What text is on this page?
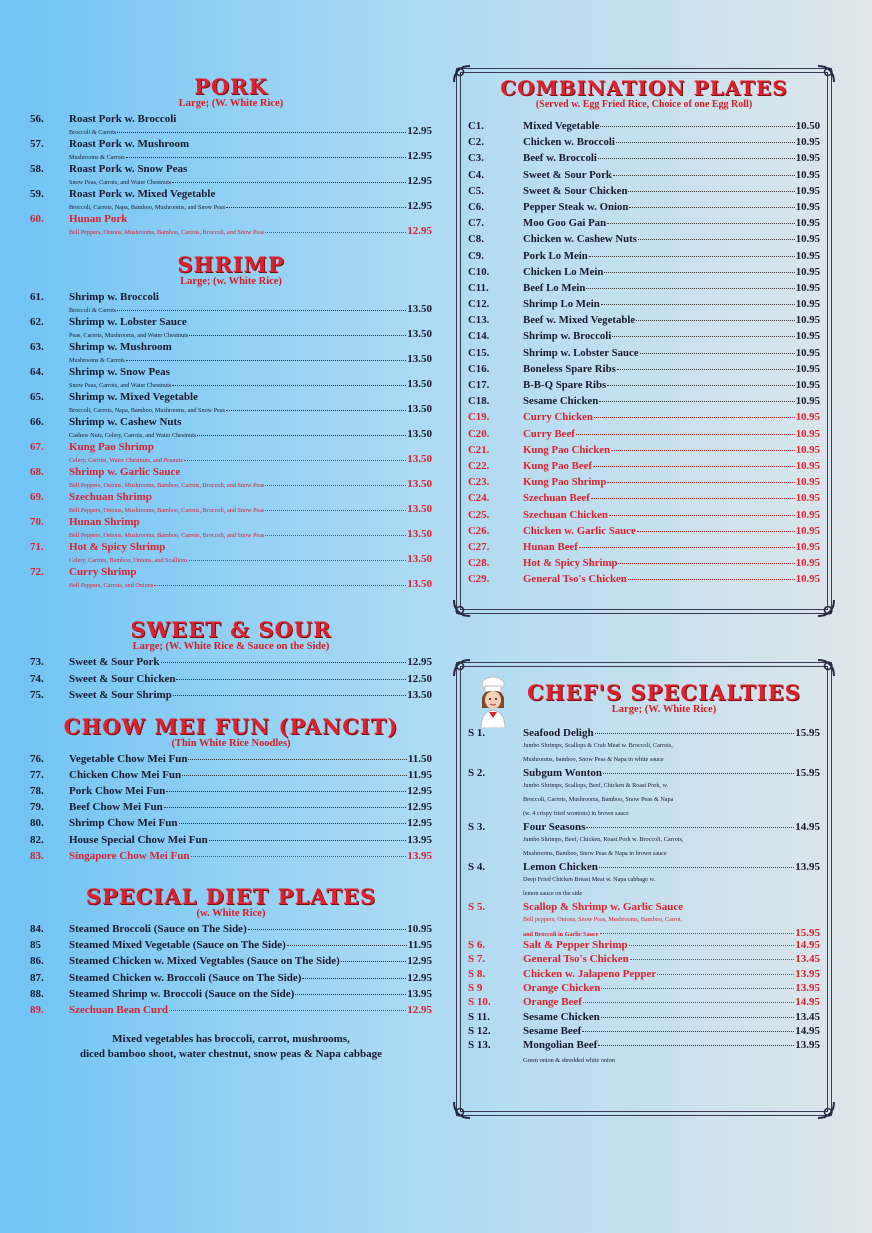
PORK
Large; (W. White Rice)
56.	Roast Pork w. Broccoli
Broccoli & Carrots	12.95
57.	Roast Pork w. Mushroom
Mushrooms & Carrots	12.95
58.	Roast Pork w. Snow Peas
Snow Peas, Carrots, and Water Chestnuts	12.95
59.	Roast Pork w. Mixed Vegetable
Broccoli, Carrots, Napa, Bamboo, Mushrooms, and Snow Peas	12.95
60.	Hunan Pork
Bell Peppers, Onions, Mushrooms, Bamboo, Carrots, Broccoli, and Snow Peas	12.95
SHRIMP
Large; (w. White Rice)
61.	Shrimp w. Broccoli
Broccoli & Carrots	13.50
62.	Shrimp w. Lobster Sauce
Peas, Carrots, Mushrooms, and Water Chestnuts	13.50
63.	Shrimp w. Mushroom
Mushrooms & Carrots	13.50
64.	Shrimp w. Snow Peas
Snow Peas, Carrots, and Water Chestnuts	13.50
65.	Shrimp w. Mixed Vegetable
Broccoli, Carrots, Napa, Bamboo, Mushrooms, and Snow Peas	13.50
66.	Shrimp w. Cashew Nuts
Cashew Nuts, Celery, Carrots, and Water Chestnuts	13.50
67.	Kung Pao Shrimp
Celery, Carrots, Water Chestnuts, and Peanuts	13.50
68.	Shrimp w. Garlic Sauce
Bell Peppers, Onions, Mushrooms, Bamboo, Carrots, Broccoli, and Snow Peas	13.50
69.	Szechuan Shrimp
Bell Peppers, Onions, Mushrooms, Bamboo, Carrots, Broccoli, and Snow Peas	13.50
70.	Hunan Shrimp
Bell Peppers, Onions, Mushrooms, Bamboo, Carrots, Broccoli, and Snow Peas	13.50
71.	Hot & Spicy Shrimp
Celery, Carrots, Bamboo, Onions, and Scallions	13.50
72.	Curry Shrimp
Bell Peppers, Carrots, and Onions	13.50
SWEET & SOUR
Large; (W. White Rice & Sauce on the Side)
73.	Sweet & Sour Pork	12.95
74.	Sweet & Sour Chicken	12.50
75.	Sweet & Sour Shrimp	13.50
CHOW MEI FUN (PANCIT)
(Thin White Rice Noodles)
76.	Vegetable Chow Mei Fun	11.50
77.	Chicken Chow Mei Fun	11.95
78.	Pork Chow Mei Fun	12.95
79.	Beef Chow Mei Fun	12.95
80.	Shrimp Chow Mei Fun	12.95
82.	House Special Chow Mei Fun	13.95
83.	Singapore Chow Mei Fun	13.95
SPECIAL DIET PLATES
(w. White Rice)
84.	Steamed Broccoli (Sauce on The Side)	10.95
85	Steamed Mixed Vegetable (Sauce on The Side)	11.95
86.	Steamed Chicken w. Mixed Vegtables (Sauce on The Side)	12.95
87.	Steamed Chicken w. Broccoli (Sauce on The Side)	12.95
88.	Steamed Shrimp w. Broccoli (Sauce on the Side)	13.95
89.	Szechuan Bean Curd	12.95
Mixed vegetables has broccoli, carrot, mushrooms,
diced bamboo shoot, water chestnut, snow peas & Napa cabbage
COMBINATION PLATES
(Served w. Egg Fried Rice, Choice of one Egg Roll)
C1.	Mixed Vegetable	10.50
C2.	Chicken w. Broccoli	10.95
C3.	Beef w. Broccoli	10.95
C4.	Sweet & Sour Pork	10.95
C5.	Sweet & Sour Chicken	10.95
C6.	Pepper Steak w. Onion	10.95
C7.	Moo Goo Gai Pan	10.95
C8.	Chicken w. Cashew Nuts	10.95
C9.	Pork Lo Mein	10.95
C10.	Chicken Lo Mein	10.95
C11.	Beef Lo Mein	10.95
C12.	Shrimp Lo Mein	10.95
C13.	Beef w. Mixed Vegetable	10.95
C14.	Shrimp w. Broccoli	10.95
C15.	Shrimp w. Lobster Sauce	10.95
C16.	Boneless Spare Ribs	10.95
C17.	B-B-Q Spare Ribs	10.95
C18.	Sesame Chicken	10.95
C19.	Curry Chicken	10.95
C20.	Curry Beef	10.95
C21.	Kung Pao Chicken	10.95
C22.	Kung Pao Beef	10.95
C23.	Kung Pao Shrimp	10.95
C24.	Szechuan Beef	10.95
C25.	Szechuan Chicken	10.95
C26.	Chicken w. Garlic Sauce	10.95
C27.	Hunan Beef	10.95
C28.	Hot & Spicy Shrimp	10.95
C29.	General Tso's Chicken	10.95
CHEF'S SPECIALTIES
Large; (W. White Rice)
S 1.	Seafood Deligh	15.95
Jumbo Shrimps, Scallops & Crab Meat w. Broccoli, Carrots,
Mushrooms, bamboo, Snow Peas & Napa in white sauce
S 2.	Subgum Wonton	15.95
Jumbo Shrimps, Scallops, Beef, Chicken & Roast Pork, w.
Broccoli, Carrots, Mushrooms, Bamboo, Snow Peas & Napa
(w. 4 crispy fried wontons) in brown sauce
S 3.	Four Seasons	14.95
Jumbo Shrimps, Beef, Chicken, Roast Pork w. Broccoli, Carrots,
Mushrooms, Bamboo, Snow Peas & Napa in brown sauce
S 4.	Lemon Chicken	13.95
Deep Fried Chicken Breast Meat w. Napa cabbage w.
lemon sauce on the side
S 5.	Scallop & Shrimp w. Garlic Sauce
Bell peppers, Onions, Snow Peas, Mushrooms, Bamboo, Carrot,
and Broccoli in Garlic Sauce	15.95
S 6.	Salt & Pepper Shrimp	14.95
S 7.	General Tso's Chicken	13.45
S 8.	Chicken w. Jalapeno Pepper	13.95
S 9	Orange Chicken	13.95
S 10.	Orange Beef	14.95
S 11.	Sesame Chicken	13.45
S 12.	Sesame Beef	14.95
S 13.	Mongolian Beef	13.95
Green onion & shredded white onion
